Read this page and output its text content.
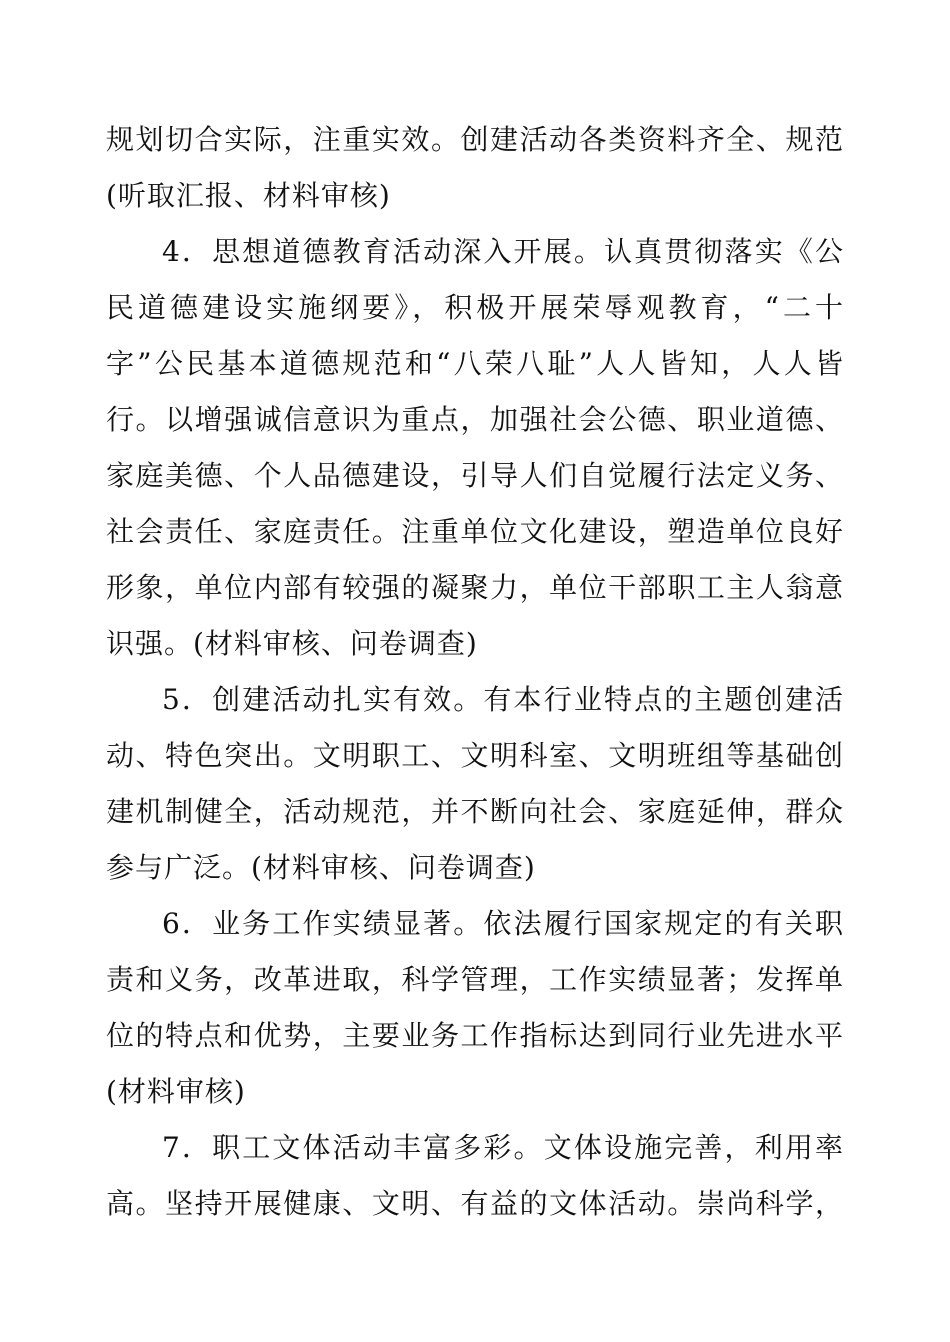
规划切合实际，注重实效。创建活动各类资料齐全、规范
(听取汇报、材料审核)
4．思想道德教育活动深入开展。认真贯彻落实《公
民道德建设实施纲要》，积极开展荣辱观教育，“二十
字”公民基本道德规范和“八荣八耻”人人皆知，人人皆
行。以增强诚信意识为重点，加强社会公德、职业道德、
家庭美德、个人品德建设，引导人们自觉履行法定义务、
社会责任、家庭责任。注重单位文化建设，塑造单位良好
形象，单位内部有较强的凝聚力，单位干部职工主人翁意
识强。(材料审核、问卷调查)
5．创建活动扎实有效。有本行业特点的主题创建活
动、特色突出。文明职工、文明科室、文明班组等基础创
建机制健全，活动规范，并不断向社会、家庭延伸，群众
参与广泛。(材料审核、问卷调查)
6．业务工作实绩显著。依法履行国家规定的有关职
责和义务，改革进取，科学管理，工作实绩显著；发挥单
位的特点和优势，主要业务工作指标达到同行业先进水平
(材料审核)
7．职工文体活动丰富多彩。文体设施完善，利用率
高。坚持开展健康、文明、有益的文体活动。崇尚科学，
